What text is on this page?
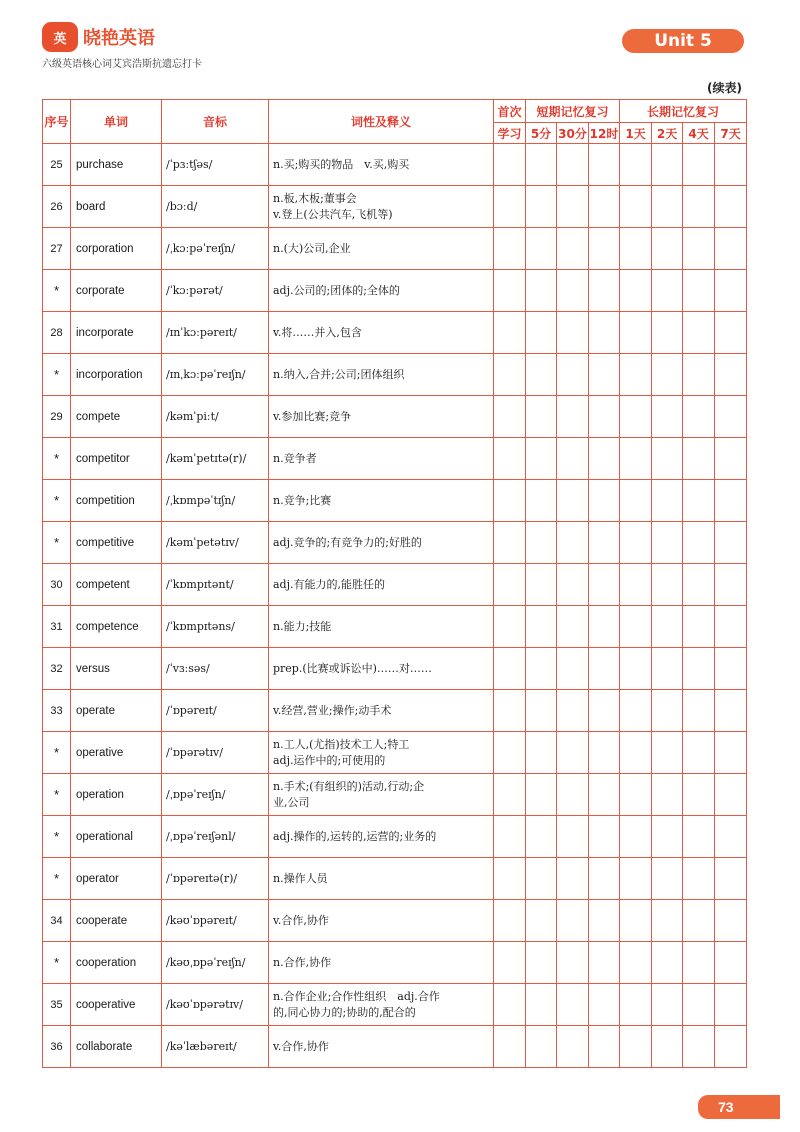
英 晓艳英语
六级英语核心词艾宾浩斯抗遗忘打卡
Unit 5
(续表)
序号	单词	音标	词性及释义	首次	短期记忆复习			长期记忆复习			
				学习	5分	30分	12时	1天	2天	4天	7天
25	purchase	/ˈpɜːtʃəs/	n.买;购买的物品　v.买,购买								

26	board	/bɔːd/	n.板,木板;董事会
v.登上(公共汽车,飞机等)								

27	corporation	/ˌkɔːpəˈreɪʃn/	n.(大)公司,企业								

*	corporate	/ˈkɔːpərət/	adj.公司的;团体的;全体的								

28	incorporate	/ɪnˈkɔːpəreɪt/	v.将……并入,包含								

*	incorporation	/ɪnˌkɔːpəˈreɪʃn/	n.纳入,合并;公司;团体组织								

29	compete	/kəmˈpiːt/	v.参加比赛;竞争								

*	competitor	/kəmˈpetɪtə(r)/	n.竞争者								

*	competition	/ˌkɒmpəˈtɪʃn/	n.竞争;比赛								

*	competitive	/kəmˈpetətɪv/	adj.竞争的;有竞争力的;好胜的								

30	competent	/ˈkɒmpɪtənt/	adj.有能力的,能胜任的								

31	competence	/ˈkɒmpɪtəns/	n.能力;技能								

32	versus	/ˈvɜːsəs/	prep.(比赛或诉讼中)……对……								

33	operate	/ˈɒpəreɪt/	v.经营,营业;操作;动手术								

*	operative	/ˈɒpərətɪv/	n.工人,(尤指)技术工人;特工
adj.运作中的;可使用的								

*	operation	/ˌɒpəˈreɪʃn/	n.手术;(有组织的)活动,行动;企
业,公司								

*	operational	/ˌɒpəˈreɪʃənl/	adj.操作的,运转的,运营的;业务的								

*	operator	/ˈɒpəreɪtə(r)/	n.操作人员								

34	cooperate	/kəʊˈɒpəreɪt/	v.合作,协作								

*	cooperation	/kəʊˌɒpəˈreɪʃn/	n.合作,协作								

35	cooperative	/kəʊˈɒpərətɪv/	n.合作企业;合作性组织　adj.合作
的,同心协力的;协助的,配合的								

36	collaborate	/kəˈlæbəreɪt/	v.合作,协作								

73
